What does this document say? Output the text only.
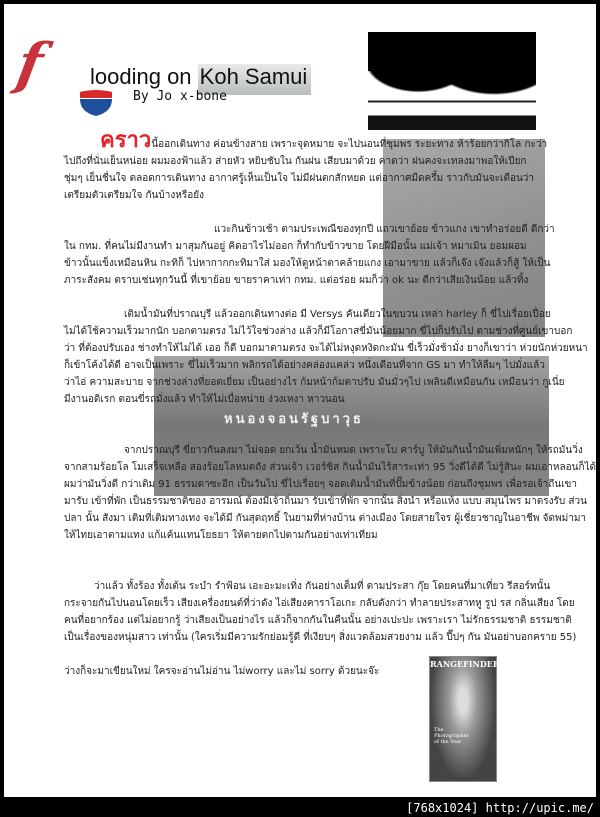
f looding on Koh Samui
By Jo x-bone
หนองจอนรัฐบาวุธ

คราวนี้ออกเดินทาง ค่อนข้างสาย เพราะจุดหมาย จะไปนอนที่ชุมพร ระยะทาง ห้าร้อยกว่ากิโล กะว่า

ไปถึงที่นั่นเย็นหน่อย ผมมองฟ้าแล้ว ส่ายหัว หยิบชับใน กันฝน เสียบมาด้วย คาดว่า ฝนคงจะเทลงมาพอให้เปียก

ชุ่มๆ เย็นชื่นใจ ตลอดการเดินทาง อากาศรู้เห็นเป็นใจ ไม่มีฝนตกสักหยด แต่อากาศมืดครึ้ม ราวกับมันจะเตือนว่า

เตรียมตัวเตรียมใจ กันบ้างหรือยัง

แวะกินข้าวเช้า ตามประเพณีของทุกปี แถวเขาย้อย ข้าวแกง เขาทำอร่อยดี ดีกว่า

ใน กทม. ที่คนไม่มีงานทำ มาสุมกันอยู่ คิดอาไรไม่ออก ก็ทำกับข้าวขาย โดยฝีมือนั้น แม่เจ้า หมาเมิน ยอมผอม

ข้าวนั้นแข็งเหมือนหิน กะทิก็ ไปหากากกะทิมาใส่ มองให้ดูหน้าตาคล้ายแกง เอามาขาย แล้วก็เจ๊ง เจ๊งแล้วก็สู้ ให้เป็น

ภาระสังคม ตราบเช่นทุกวันนี้ ที่เขาย้อย ขายราคาเท่า กทม. แต่อร่อย ผมก็ว่า ok นะ ดีกว่าเสียเงินน้อย แล้วทิ้ง

เติมน้ำมันที่ปราณบุรี แล้วออกเดินทางต่อ มี Versys คันเดียวในขบวน เหล่า harley ก็ ขี่ไปเรื่อยเปื่อย

ไม่ได้ใช้ความเร็วมากนัก บอกตามตรง ไม่ไว้ใจช่วงล่าง แล้วก็มีโอกาสขี่มันน้อยมาก ขี่ไปก็ปรับไป ตามช่างที่ศูนย์เขาบอก

ว่า ที่ต้องปรับเอง ช่างทำให้ไม่ได้ เออ ก็ดี บอกมาตามตรง จะได้ไม่หงุดหงิดกะมัน ขี่เร็วมั่งช้ามั่ง ยางก็เขาว่า ห่วยนักห่วยหนา

ก็เข้าโค้งได้ดี อาจเป็นเพราะ ขี่ไม่เร็วมาก พลิกรถได้อย่างคล่องแคล่ว หนึ่งเดือนที่จาก GS มา ทำให้ลืมๆ ไปมั่งแล้ว

ว่าไอ่ ความสะบาย จากช่วงล่างที่ยอดเยี่ยม เป็นอย่างไร ก้มหน้าก้มตาปรับ มันมั่วๆไป เพลินดีเหมือนกัน เหมือนว่า กูเนี่ย

มีงานอดิเรก ตอนขี่รถมั่งแล้ว ทำให้ไม่เบื่อหน่าย ง่วงเหงา หาวนอน

จากปราณบุรี ขี่ยาวกันลงมา ไม่จอด ยกเว้น น้ำมันหมด เพราะโบ คาร์บู ให้มันกินน้ำมันเพิ่มหนักๆ ให้รถมันวิ่ง

จากสามร้อยโล โมเสร็จเหลือ สองร้อยโลหมดถัง ส่วนเจ้า เวอร์ซิส กินน้ำมันไร้สาระเท่า 95 วิ่งดีได้ดี ไม่รู้สินะ ผมเอาหลอนก็ได้

ผมว่ามันวิ่งดี กว่าเติม 91 ธรรมดาซะอีก เป็นวันไป ขี่ไปเรื่อยๆ จอดเติมน้ำมันที่ปั๊มข้างน้อย ก่อนถึงชุมพร เพื่อรอเจ้าถึนเขา

มารับ เข้าที่พัก เป็นธรรมชาติของ อารมณ์ ต้องมีเจ้าถิ่นมา รับเข้าที่พัก จากนั้น สิ่งนำ หรือแห้ง แบบ สมุนไพร มาตรงรับ ส่วน

ปลา นั้น สังมา เติมที่เติมทางเทง จะได้มี กันสุดฤทธิ์ ในยามที่ห่างบ้าน ต่างเมือง โดยสายใจร ผู้เชี่ยวชาญในอาชีพ จัดพม่ามา

ให้ไทยเอาตามแทง แก้แค้นแทนโยธยา ให้ตายตกไปตามกันอย่างเท่าเทียม

ว่าแล้ว ทั้งร้อง ทั้งเต้น ระบำ รำฟ้อน เอะอะมะเทิ่ง กันอย่างเต็มที่ ตามประสา กุ๊ย โดยคนที่มาเที่ยว รีสอร์ทนั้น

กระจายกันไปนอนโดยเร็ว เสียงเครื่องยนต์ที่ว่าดัง ไอ่เสียงคาราโอเกะ กลับดังกว่า ทำลายประสาทหู รูป รส กลิ่นเสียง โดย

คนที่อยากร้อง แต่ไม่อยากรู้ ว่าเสียงเป็นอย่างไร แล้วก็จากกันในคืนนั้น อย่างเปะปะ เพราะเรา ไม่รักธรรมชาติ ธรรมชาติ

เป็นเรื่องของหนุ่มสาว เท่านั้น (ใครเริ่มมีความรักย่อมรู้ดี ที่เงียบๆ สิ่งแวดล้อมสวยงาม แล้ว ปี๊ปๆ กัน มันอย่าบอกคราย 55)

ว่างก็จะมาเขียนใหม่ ใครจะอ่านไม่อ่าน ไม่worry และไม่ sorry ด้วยนะจ๊ะ

RANGEFINDER
The Photographer of the Year
[768x1024] http://upic.me/
